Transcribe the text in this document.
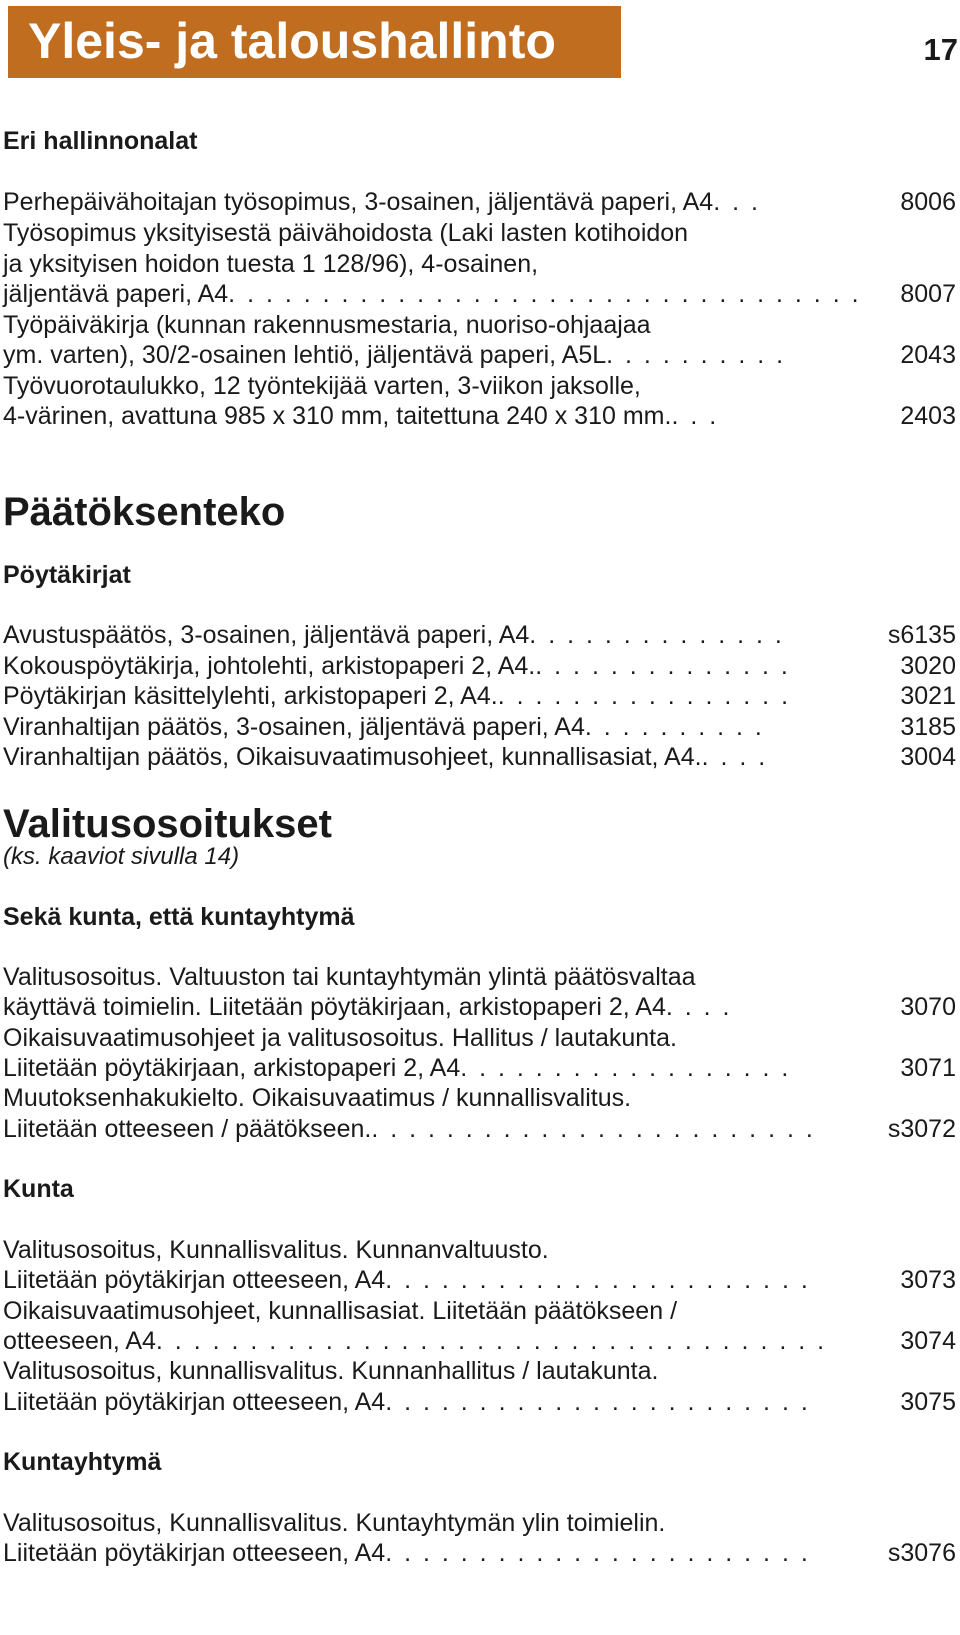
Yleis- ja taloushallinto	17
Eri hallinnonalat
Perhepäivähoitajan työsopimus, 3-osainen, jäljentävä paperi, A4. . .	8006
Työsopimus yksityisestä päivähoidosta (Laki lasten kotihoidon
ja yksityisen hoidon tuesta 1 128/96), 4-osainen,
jäljentävä paperi, A4. . . . . . . . . . . . . . . . . . . . . . . . . . . . . . . . . . 8007
Työpäiväkirja (kunnan rakennusmestaria, nuoriso-ohjaajaa
ym. varten), 30/2-osainen lehtiö, jäljentävä paperi, A5L. . . . . . . . . .	2043
Työvuorotaulukko, 12 työntekijää varten, 3-viikon jaksolle,
4-värinen, avattuna 985 x 310 mm, taitettuna 240 x 310 mm.. . .	2403
Päätöksenteko
Pöytäkirjat
Avustuspäätös, 3-osainen, jäljentävä paperi, A4. . . . . . . . . . . . . .	s6135
Kokouspöytäkirja, johtolehti, arkistopaperi 2, A4.. . . . . . . . . . . . . .	3020
Pöytäkirjan käsittelylehti, arkistopaperi 2, A4.. . . . . . . . . . . . . . . .	3021
Viranhaltijan päätös, 3-osainen, jäljentävä paperi, A4. . . . . . . . . .	3185
Viranhaltijan päätös, Oikaisuvaatimusohjeet, kunnallisasiat, A4.. . . .	3004
Valitusosoitukset
(ks. kaaviot sivulla 14)
Sekä kunta, että kuntayhtymä
Valitusosoitus. Valtuuston tai kuntayhtymän ylintä päätösvaltaa
käyttävä toimielin. Liitetään pöytäkirjaan, arkistopaperi 2, A4. . . .	3070
Oikaisuvaatimusohjeet ja valitusosoitus. Hallitus / lautakunta.
Liitetään pöytäkirjaan, arkistopaperi 2, A4. . . . . . . . . . . . . . . . . .	3071
Muutoksenhakukielto. Oikaisuvaatimus / kunnallisvalitus.
Liitetään otteeseen / päätökseen.. . . . . . . . . . . . . . . . . . . . . . . .	s3072
Kunta
Valitusosoitus, Kunnallisvalitus. Kunnanvaltuusto.
Liitetään pöytäkirjan otteeseen, A4. . . . . . . . . . . . . . . . . . . . . . .	3073
Oikaisuvaatimusohjeet, kunnallisasiat. Liitetään päätökseen /
otteeseen, A4. . . . . . . . . . . . . . . . . . . . . . . . . . . . . . . . . . . .	3074
Valitusosoitus, kunnallisvalitus. Kunnanhallitus / lautakunta.
Liitetään pöytäkirjan otteeseen, A4. . . . . . . . . . . . . . . . . . . . . . .	3075
Kuntayhtymä
Valitusosoitus, Kunnallisvalitus. Kuntayhtymän ylin toimielin.
Liitetään pöytäkirjan otteeseen, A4. . . . . . . . . . . . . . . . . . . . . . .	s3076
